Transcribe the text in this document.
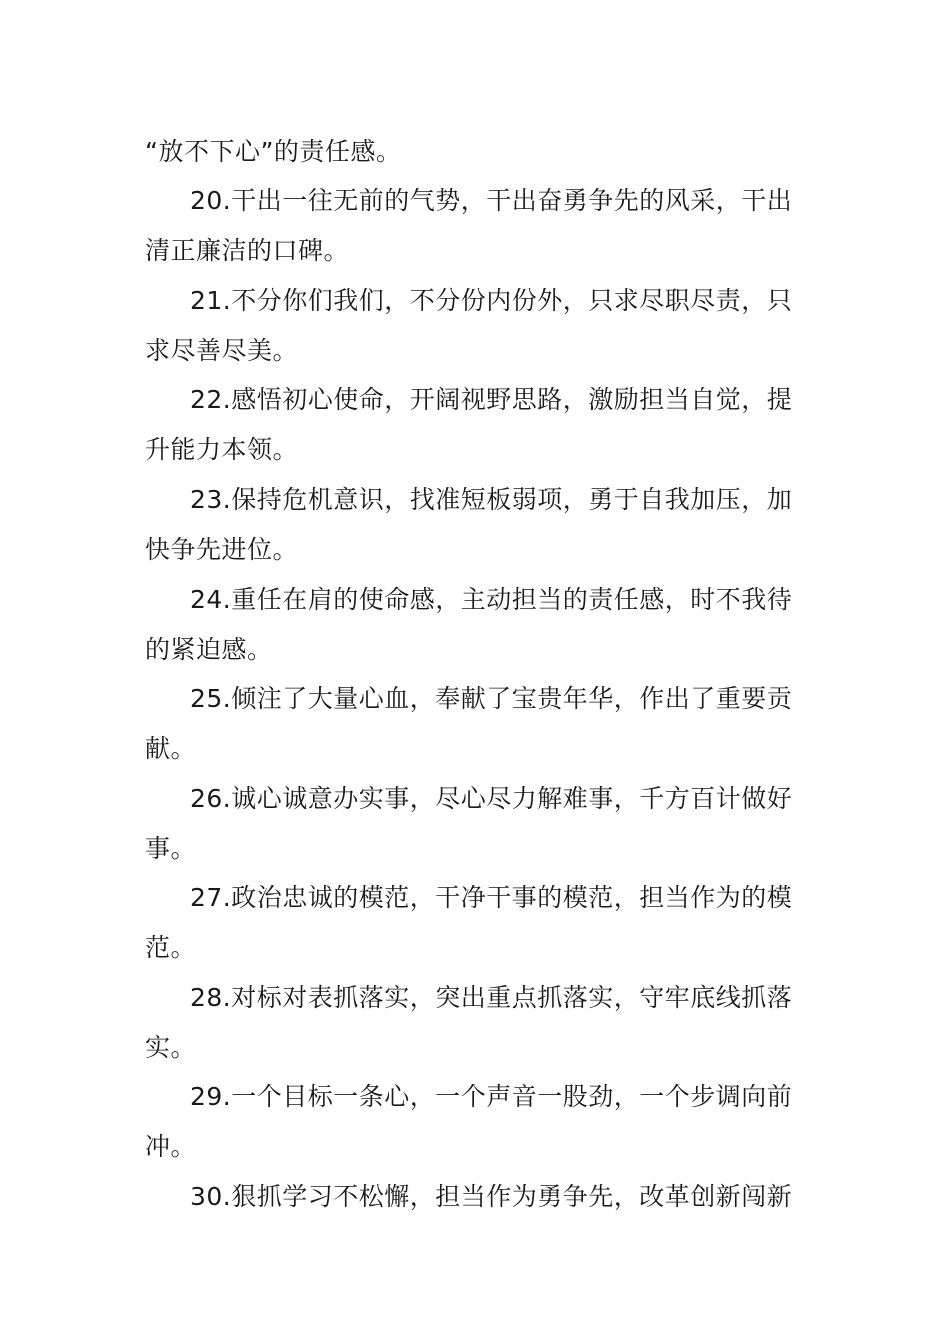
“放不下心”的责任感。
20.干出一往无前的气势，干出奋勇争先的风采，干出
清正廉洁的口碑。
21.不分你们我们，不分份内份外，只求尽职尽责，只
求尽善尽美。
22.感悟初心使命，开阔视野思路，激励担当自觉，提
升能力本领。
23.保持危机意识，找准短板弱项，勇于自我加压，加
快争先进位。
24.重任在肩的使命感，主动担当的责任感，时不我待
的紧迫感。
25.倾注了大量心血，奉献了宝贵年华，作出了重要贡
献。
26.诚心诚意办实事，尽心尽力解难事，千方百计做好
事。
27.政治忠诚的模范，干净干事的模范，担当作为的模
范。
28.对标对表抓落实，突出重点抓落实，守牢底线抓落
实。
29.一个目标一条心，一个声音一股劲，一个步调向前
冲。
30.狠抓学习不松懈，担当作为勇争先，改革创新闯新
